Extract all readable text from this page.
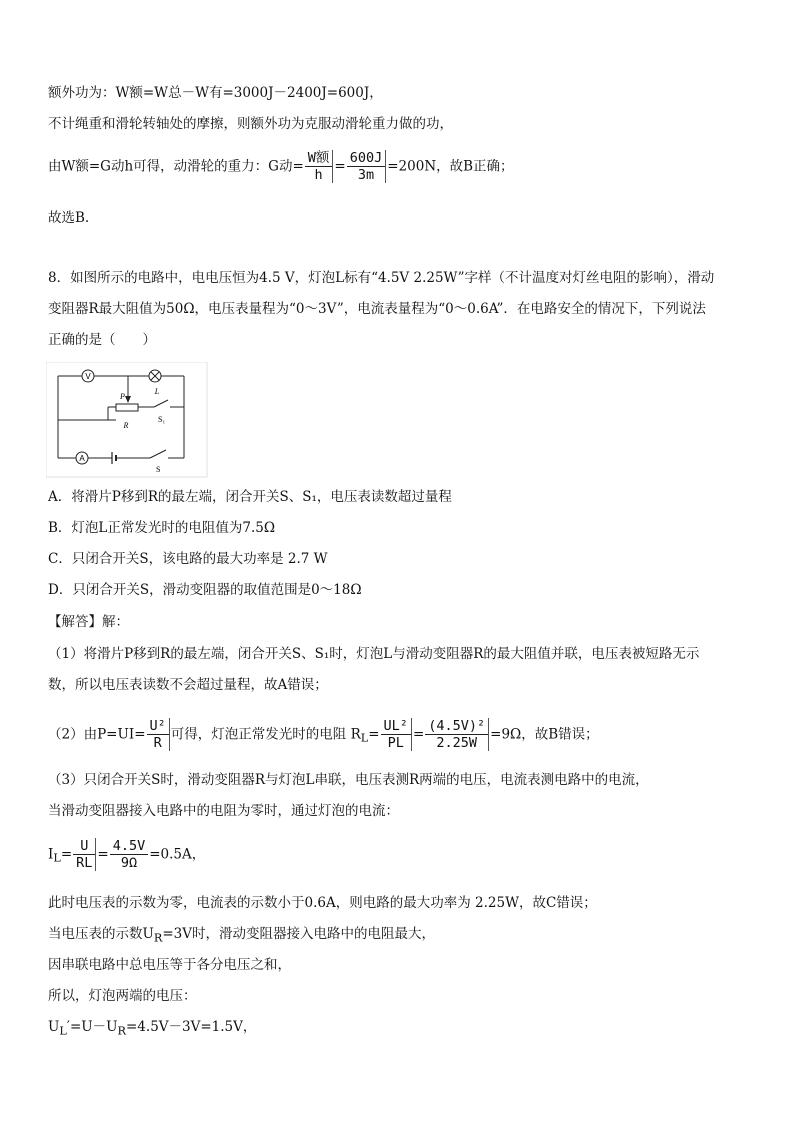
额外功为：W额=W总－W有=3000J－2400J=600J，
不计绳重和滑轮转轴处的摩擦，则额外功为克服动滑轮重力做的功，
由W额=G动h可得，动滑轮的重力：G动= $\frac{\text{W额}}{h} = \frac{600J}{3m} =200N$，故B正确；
故选B.
8．如图所示的电路中，电电压恒为4.5 V，灯泡L标有“4.5V 2.25W”字样（不计温度对灯丝电阻的影响），滑动
变阻器R最大阻值为50Ω，电压表量程为“0～3V”，电流表量程为“0～0.6A”．在电路安全的情况下，下列说法
正确的是（　　）
V
L
P
R
S₁
A
S
A．将滑片P移到R的最左端，闭合开关S、S₁，电压表读数超过量程
B．灯泡L正常发光时的电阻值为7.5Ω
C．只闭合开关S，该电路的最大功率是 2.7 W
D．只闭合开关S，滑动变阻器的取值范围是0～18Ω
【解答】解：
（1）将滑片P移到R的最左端，闭合开关S、S₁时，灯泡L与滑动变阻器R的最大阻值并联，电压表被短路无示
数，所以电压表读数不会超过量程，故A错误；
（2）由$P=UI= \frac{\text{U²}}{R}$ 可得，灯泡正常发光时的电阻 $R_L= \frac{\text{UL²}}{PL} = \frac{\text{(4.5V)²}}{2.25W} =9\Omega$，故B错误；
（3）只闭合开关S时，滑动变阻器R与灯泡L串联，电压表测R两端的电压，电流表测电路中的电流，
当滑动变阻器接入电路中的电阻为零时，通过灯泡的电流：
$I_L= \frac{U}{RL} = \frac{4.5V}{9\Omega} =0.5A$，
此时电压表的示数为零，电流表的示数小于0.6A，则电路的最大功率为 2.25W，故C错误；
当电压表的示数$U_R=3V$时，滑动变阻器接入电路中的电阻最大，
因串联电路中总电压等于各分电压之和，
所以，灯泡两端的电压：
$U_L'=U-U_R=4.5V-3V=1.5V$，
